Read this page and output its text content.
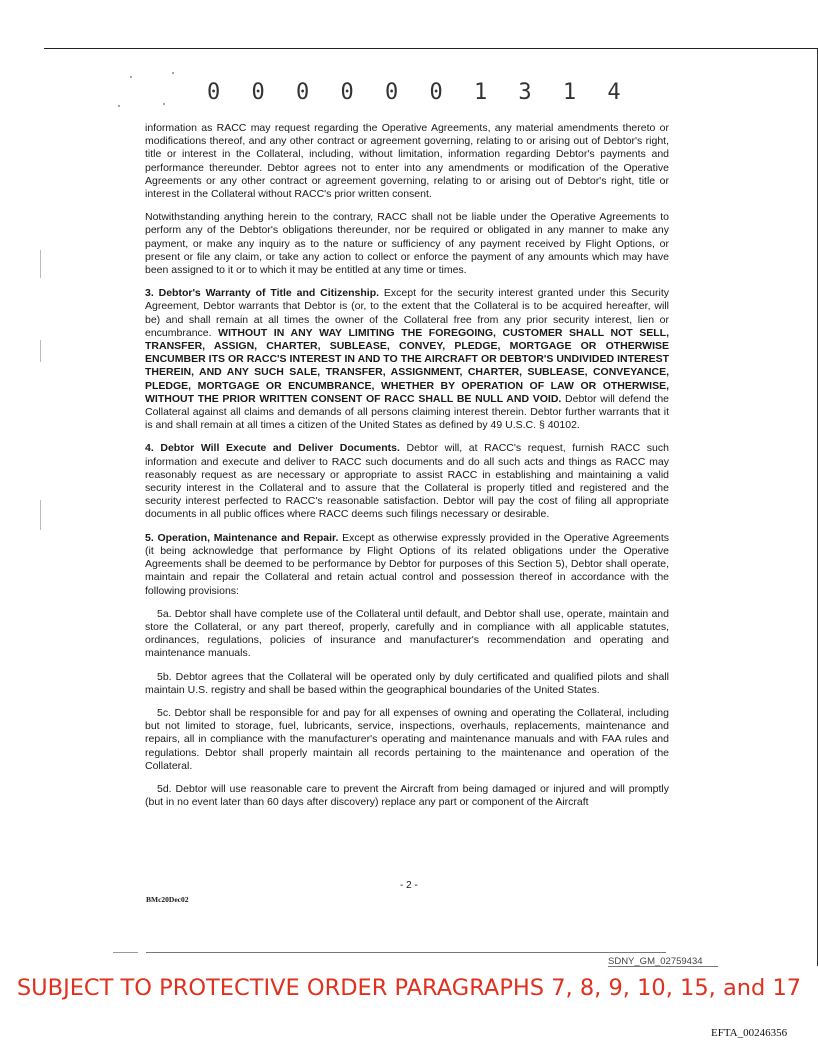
0 0 0 0 0 0 1 3 1 4

information as RACC may request regarding the Operative Agreements, any material amendments thereto or modifications thereof, and any other contract or agreement governing, relating to or arising out of Debtor's right, title or interest in the Collateral, including, without limitation, information regarding Debtor's payments and performance thereunder. Debtor agrees not to enter into any amendments or modification of the Operative Agreements or any other contract or agreement governing, relating to or arising out of Debtor's right, title or interest in the Collateral without RACC's prior written consent.

Notwithstanding anything herein to the contrary, RACC shall not be liable under the Operative Agreements to perform any of the Debtor's obligations thereunder, nor be required or obligated in any manner to make any payment, or make any inquiry as to the nature or sufficiency of any payment received by Flight Options, or present or file any claim, or take any action to collect or enforce the payment of any amounts which may have been assigned to it or to which it may be entitled at any time or times.

3. Debtor's Warranty of Title and Citizenship. Except for the security interest granted under this Security Agreement, Debtor warrants that Debtor is (or, to the extent that the Collateral is to be acquired hereafter, will be) and shall remain at all times the owner of the Collateral free from any prior security interest, lien or encumbrance. WITHOUT IN ANY WAY LIMITING THE FOREGOING, CUSTOMER SHALL NOT SELL, TRANSFER, ASSIGN, CHARTER, SUBLEASE, CONVEY, PLEDGE, MORTGAGE OR OTHERWISE ENCUMBER ITS OR RACC'S INTEREST IN AND TO THE AIRCRAFT OR DEBTOR'S UNDIVIDED INTEREST THEREIN, AND ANY SUCH SALE, TRANSFER, ASSIGNMENT, CHARTER, SUBLEASE, CONVEYANCE, PLEDGE, MORTGAGE OR ENCUMBRANCE, WHETHER BY OPERATION OF LAW OR OTHERWISE, WITHOUT THE PRIOR WRITTEN CONSENT OF RACC SHALL BE NULL AND VOID. Debtor will defend the Collateral against all claims and demands of all persons claiming interest therein. Debtor further warrants that it is and shall remain at all times a citizen of the United States as defined by 49 U.S.C. § 40102.

4. Debtor Will Execute and Deliver Documents. Debtor will, at RACC's request, furnish RACC such information and execute and deliver to RACC such documents and do all such acts and things as RACC may reasonably request as are necessary or appropriate to assist RACC in establishing and maintaining a valid security interest in the Collateral and to assure that the Collateral is properly titled and registered and the security interest perfected to RACC's reasonable satisfaction. Debtor will pay the cost of filing all appropriate documents in all public offices where RACC deems such filings necessary or desirable.

5. Operation, Maintenance and Repair. Except as otherwise expressly provided in the Operative Agreements (it being acknowledge that performance by Flight Options of its related obligations under the Operative Agreements shall be deemed to be performance by Debtor for purposes of this Section 5), Debtor shall operate, maintain and repair the Collateral and retain actual control and possession thereof in accordance with the following provisions:

5a. Debtor shall have complete use of the Collateral until default, and Debtor shall use, operate, maintain and store the Collateral, or any part thereof, properly, carefully and in compliance with all applicable statutes, ordinances, regulations, policies of insurance and manufacturer's recommendation and operating and maintenance manuals.

5b. Debtor agrees that the Collateral will be operated only by duly certificated and qualified pilots and shall maintain U.S. registry and shall be based within the geographical boundaries of the United States.

5c. Debtor shall be responsible for and pay for all expenses of owning and operating the Collateral, including but not limited to storage, fuel, lubricants, service, inspections, overhauls, replacements, maintenance and repairs, all in compliance with the manufacturer's operating and maintenance manuals and with FAA rules and regulations. Debtor shall properly maintain all records pertaining to the maintenance and operation of the Collateral.

5d. Debtor will use reasonable care to prevent the Aircraft from being damaged or injured and will promptly (but in no event later than 60 days after discovery) replace any part or component of the Aircraft

- 2 -
BMc20Dec02
SDNY_GM_02759434
SUBJECT TO PROTECTIVE ORDER PARAGRAPHS 7, 8, 9, 10, 15, and 17
EFTA_00246356
